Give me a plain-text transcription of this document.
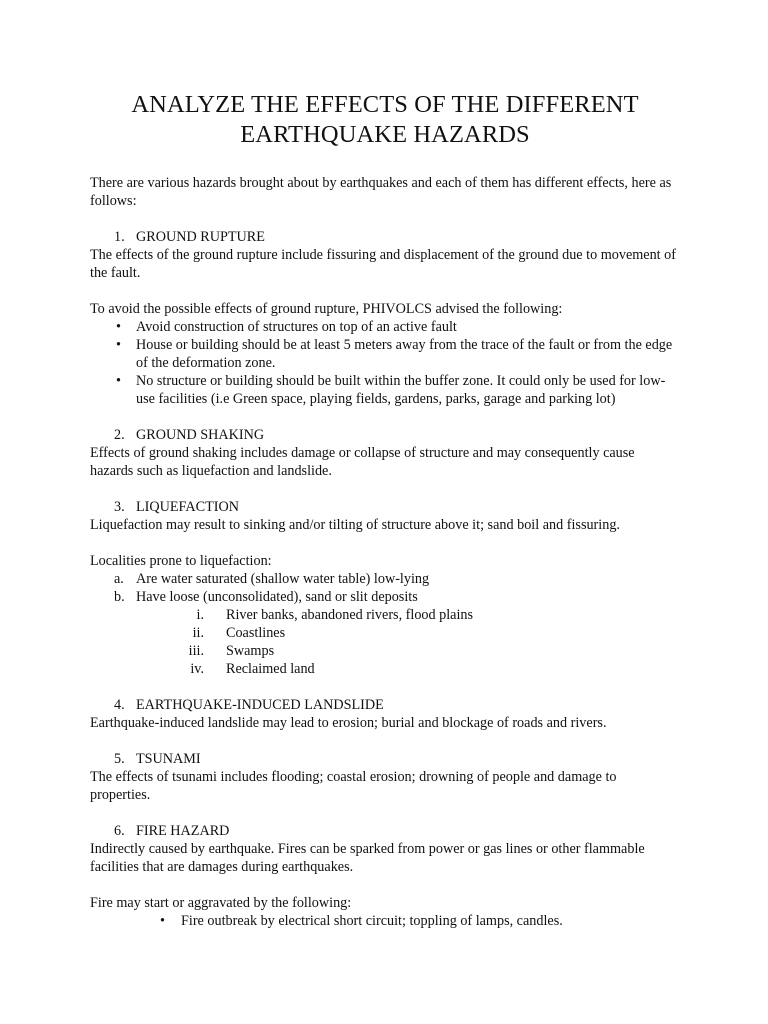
ANALYZE THE EFFECTS OF THE DIFFERENT
EARTHQUAKE HAZARDS

There are various hazards brought about by earthquakes and each of them has different effects, here as follows:

1. GROUND RUPTURE

The effects of the ground rupture include fissuring and displacement of the ground due to movement of the fault.

To avoid the possible effects of ground rupture, PHIVOLCS advised the following:

• Avoid construction of structures on top of an active fault
• House or building should be at least 5 meters away from the trace of the fault or from the edge of the deformation zone.
• No structure or building should be built within the buffer zone. It could only be used for low-use facilities (i.e Green space, playing fields, gardens, parks, garage and parking lot)
2. GROUND SHAKING

Effects of ground shaking includes damage or collapse of structure and may consequently cause hazards such as liquefaction and landslide.

3. LIQUEFACTION

Liquefaction may result to sinking and/or tilting of structure above it; sand boil and fissuring.

Localities prone to liquefaction:

a. Are water saturated (shallow water table) low-lying
b. Have loose (unconsolidated), sand or slit deposits
i. River banks, abandoned rivers, flood plains
ii. Coastlines
iii. Swamps
iv. Reclaimed land
4. EARTHQUAKE-INDUCED LANDSLIDE

Earthquake-induced landslide may lead to erosion; burial and blockage of roads and rivers.

5. TSUNAMI

The effects of tsunami includes flooding; coastal erosion; drowning of people and damage to properties.

6. FIRE HAZARD

Indirectly caused by earthquake. Fires can be sparked from power or gas lines or other flammable facilities that are damages during earthquakes.

Fire may start or aggravated by the following:

• Fire outbreak by electrical short circuit; toppling of lamps, candles.
